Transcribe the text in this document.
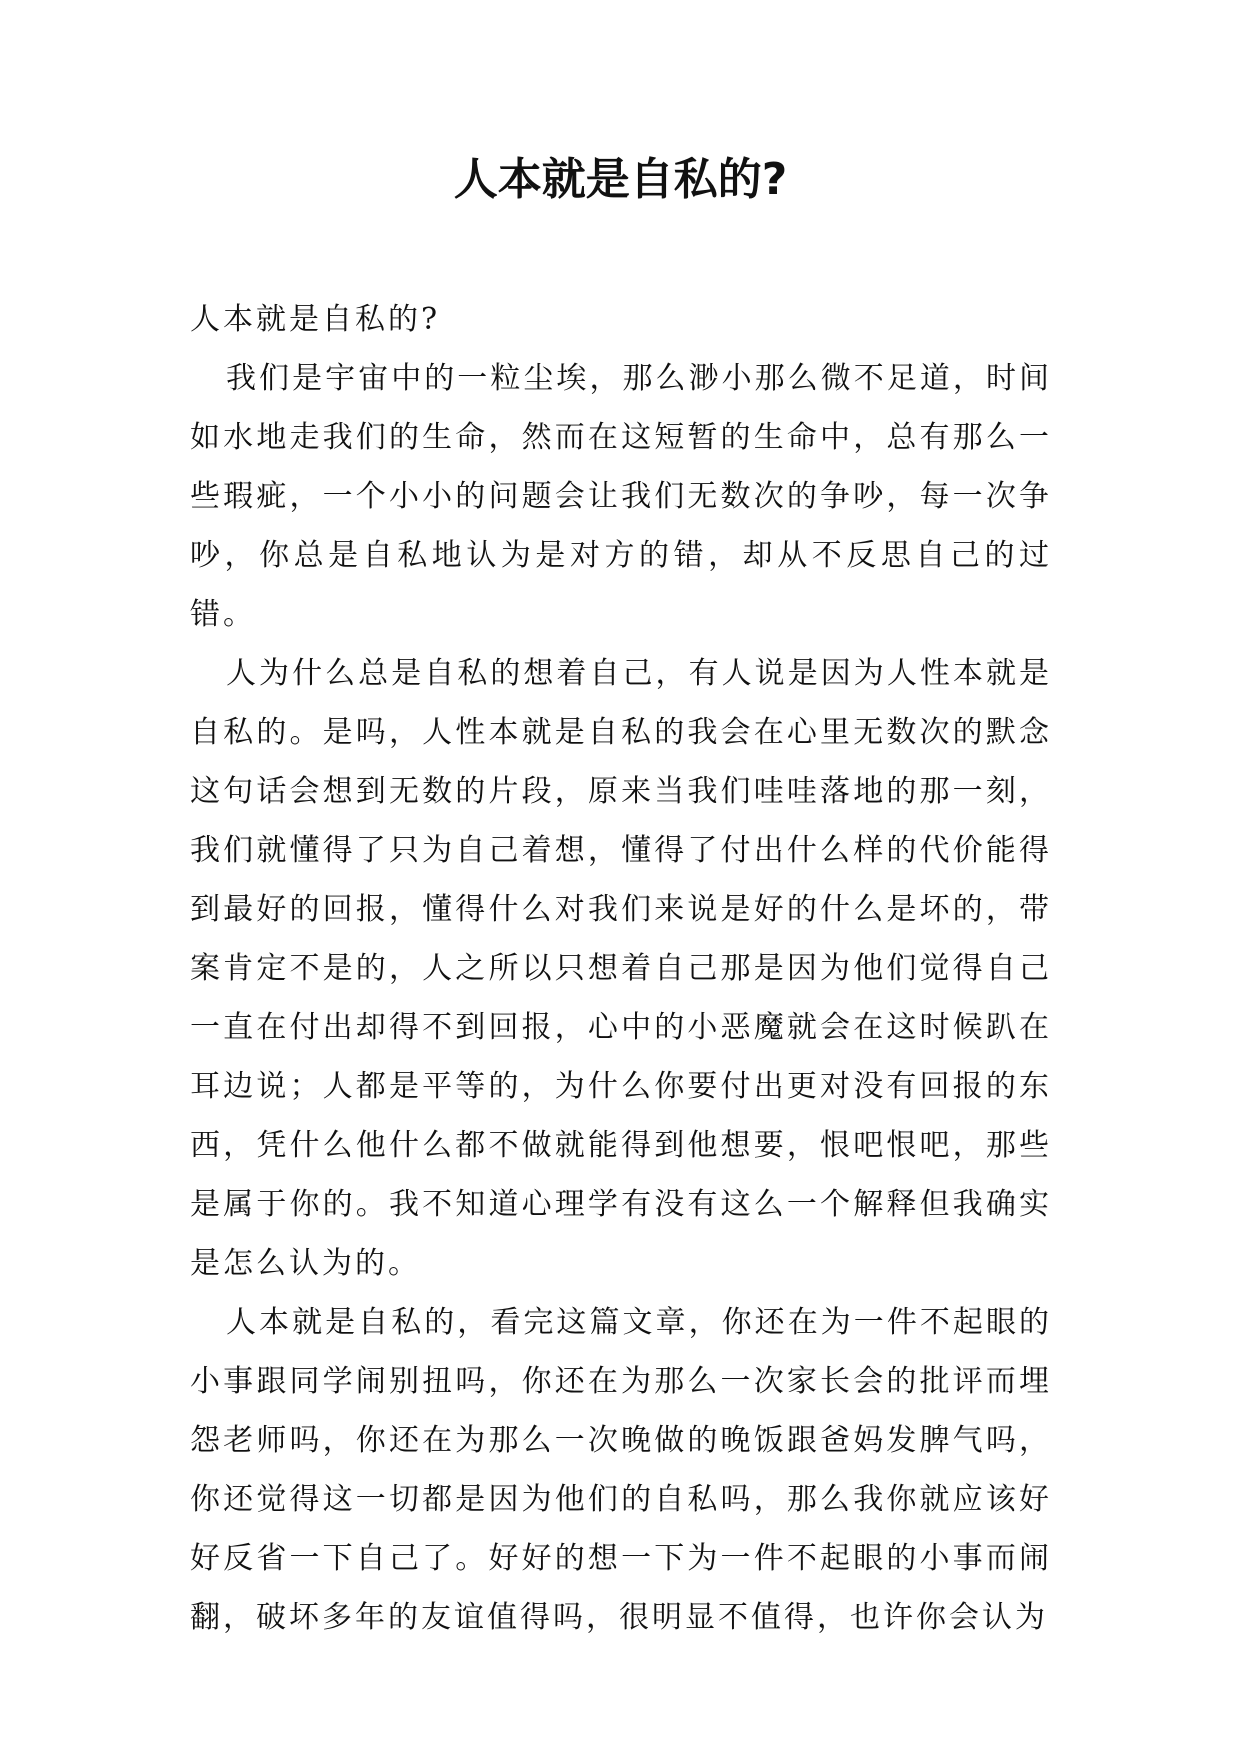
人本就是自私的?

人本就是自私的?

我们是宇宙中的一粒尘埃，那么渺小那么微不足道，时间如水地走我们的生命，然而在这短暂的生命中，总有那么一些瑕疵，一个小小的问题会让我们无数次的争吵，每一次争吵，你总是自私地认为是对方的错，却从不反思自己的过错。

人为什么总是自私的想着自己，有人说是因为人性本就是自私的。是吗，人性本就是自私的我会在心里无数次的默念这句话会想到无数的片段，原来当我们哇哇落地的那一刻，我们就懂得了只为自己着想，懂得了付出什么样的代价能得到最好的回报，懂得什么对我们来说是好的什么是坏的，带案肯定不是的，人之所以只想着自己那是因为他们觉得自己一直在付出却得不到回报，心中的小恶魔就会在这时候趴在耳边说；人都是平等的，为什么你要付出更对没有回报的东西，凭什么他什么都不做就能得到他想要，恨吧恨吧，那些是属于你的。我不知道心理学有没有这么一个解释但我确实是怎么认为的。

人本就是自私的，看完这篇文章，你还在为一件不起眼的小事跟同学闹别扭吗，你还在为那么一次家长会的批评而埋怨老师吗，你还在为那么一次晚做的晚饭跟爸妈发脾气吗，你还觉得这一切都是因为他们的自私吗，那么我你就应该好好反省一下自己了。好好的想一下为一件不起眼的小事而闹翻，破坏多年的友谊值得吗，很明显不值得，也许你会认为
